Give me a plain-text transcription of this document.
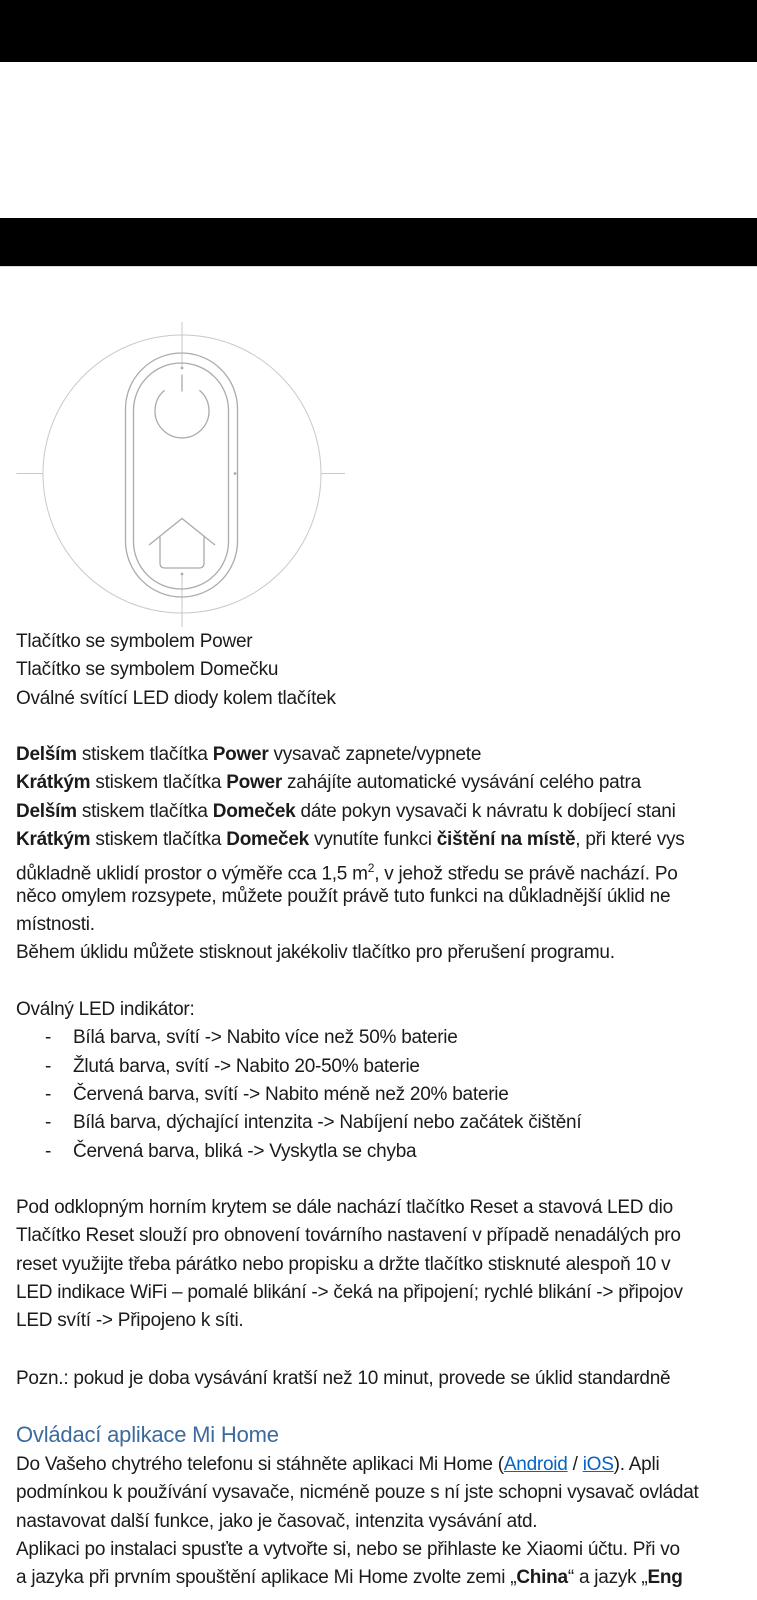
Tlačítko se symbolem Power
Tlačítko se symbolem Domečku
Oválné svítící LED diody kolem tlačítek
Delším stiskem tlačítka Power vysavač zapnete/vypnete
Krátkým stiskem tlačítka Power zahájíte automatické vysávání celého patra
Delším stiskem tlačítka Domeček dáte pokyn vysavači k návratu k dobíjecí stani
Krátkým stiskem tlačítka Domeček vynutíte funkci čištění na místě, při které vys
důkladně uklidí prostor o výměře cca 1,5 $m^2$, v jehož středu se právě nachází. Po
něco omylem rozsypete, můžete použít právě tuto funkci na důkladnější úklid ne
místnosti.
Během úklidu můžete stisknout jakékoliv tlačítko pro přerušení programu.
Oválný LED indikátor:
- Bílá barva, svítí -> Nabito více než 50% baterie
- Žlutá barva, svítí -> Nabito 20-50% baterie
- Červená barva, svítí -> Nabito méně než 20% baterie
- Bílá barva, dýchající intenzita -> Nabíjení nebo začátek čištění
- Červená barva, bliká -> Vyskytla se chyba
Pod odklopným horním krytem se dále nachází tlačítko Reset a stavová LED dio
Tlačítko Reset slouží pro obnovení továrního nastavení v případě nenadálých pro
reset využijte třeba párátko nebo propisku a držte tlačítko stisknuté alespoň 10 v
LED indikace WiFi – pomalé blikání -> čeká na připojení; rychlé blikání -> připojov
LED svítí -> Připojeno k síti.
Pozn.: pokud je doba vysávání kratší než 10 minut, provede se úklid standardně
Ovládací aplikace Mi Home
Do Vašeho chytrého telefonu si stáhněte aplikaci Mi Home (Android / iOS). Apli
podmínkou k používání vysavače, nicméně pouze s ní jste schopni vysavač ovládat
nastavovat další funkce, jako je časovač, intenzita vysávání atd.
Aplikaci po instalaci spusťte a vytvořte si, nebo se přihlaste ke Xiaomi účtu. Při vo
a jazyka při prvním spouštění aplikace Mi Home zvolte zemi „China“ a jazyk „Eng
